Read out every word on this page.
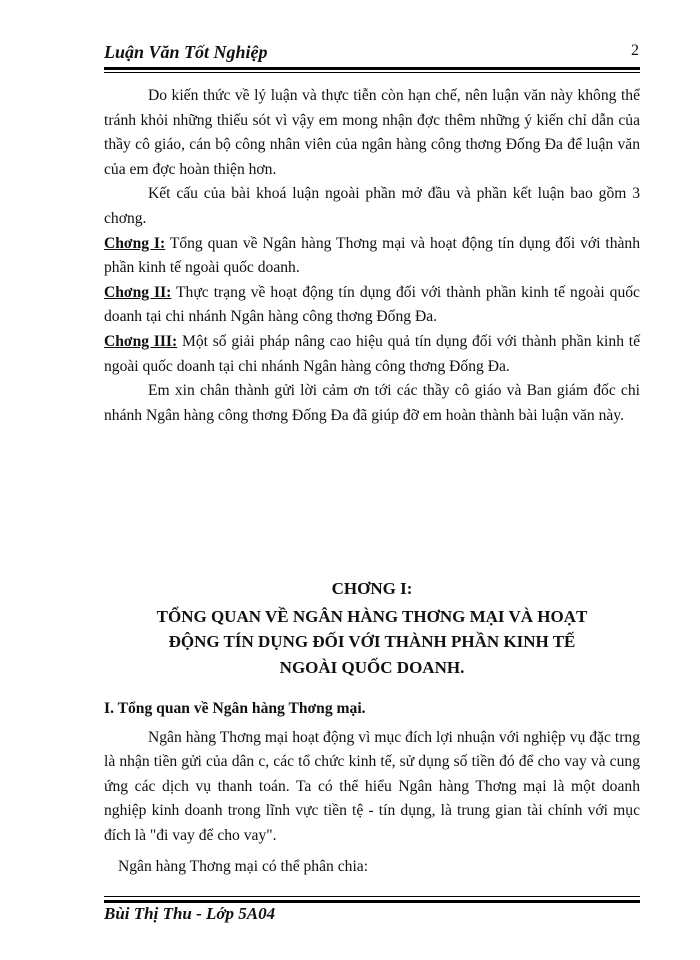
Luận Văn Tốt Nghiệp	2

Do kiến thức về lý luận và thực tiễn còn hạn chế, nên luận văn này không thể tránh khỏi những thiếu sót vì vậy em mong nhận đợc thêm những ý kiến chỉ dẫn của thầy cô giáo, cán bộ công nhân viên của ngân hàng công thơng Đống Đa để luận văn của em đợc hoàn thiện hơn.

Kết cấu của bài khoá luận ngoài phần mở đầu và phần kết luận bao gồm 3 chơng.

Chơng I: Tổng quan về Ngân hàng Thơng mại và hoạt động tín dụng đối với thành phần kinh tế ngoài quốc doanh.

Chơng II: Thực trạng về hoạt động tín dụng đối với thành phần kinh tế ngoài quốc doanh tại chi nhánh Ngân hàng công thơng Đống Đa.

Chơng III: Một số giải pháp nâng cao hiệu quả tín dụng đối với thành phần kinh tế ngoài quốc doanh tại chi nhánh Ngân hàng công thơng Đống Đa.

Em xin chân thành gửi lời cảm ơn tới các thầy cô giáo và Ban giám đốc chi nhánh Ngân hàng công thơng Đống Đa đã giúp đỡ em hoàn thành bài luận văn này.

CHƠNG I:

TỔNG QUAN VỀ NGÂN HÀNG THƠNG MẠI VÀ HOẠT ĐỘNG TÍN DỤNG ĐỐI VỚI THÀNH PHẦN KINH TẾ NGOÀI QUỐC DOANH.

I. Tổng quan về Ngân hàng Thơng mại.

Ngân hàng Thơng mại hoạt động vì mục đích lợi nhuận với nghiệp vụ đặc trng là nhận tiền gửi của dân c, các tổ chức kinh tế, sử dụng số tiền đó để cho vay và cung ứng các dịch vụ thanh toán. Ta có thể hiểu Ngân hàng Thơng mại là một doanh nghiệp kinh doanh trong lĩnh vực tiền tệ - tín dụng, là trung gian tài chính với mục đích là "đi vay để cho vay".

Ngân hàng Thơng mại có thể phân chia:

Bùi Thị Thu - Lớp 5A04
